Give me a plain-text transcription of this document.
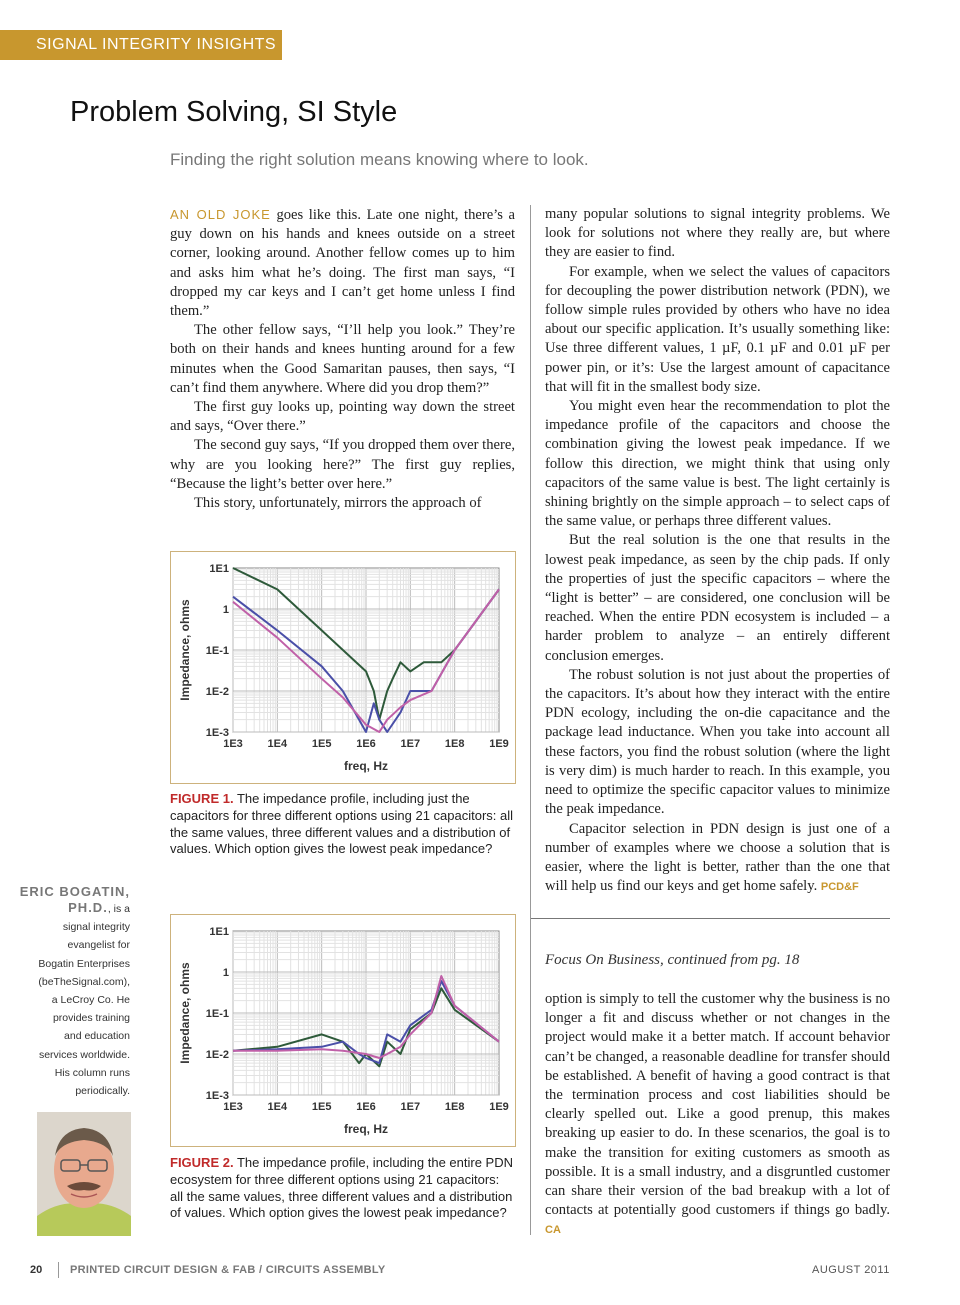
SIGNAL INTEGRITY INSIGHTS
Problem Solving, SI Style
Finding the right solution means knowing where to look.

AN OLD JOKE goes like this. Late one night, there’s a guy down on his hands and knees outside on a street corner, looking around. Another fellow comes up to him and asks him what he’s doing. The first man says, “I dropped my car keys and I can’t get home unless I find them.”

The other fellow says, “I’ll help you look.” They’re both on their hands and knees hunting around for a few minutes when the Good Samaritan pauses, then says, “I can’t find them anywhere. Where did you drop them?”

The first guy looks up, pointing way down the street and says, “Over there.”

The second guy says, “If you dropped them over there, why are you looking here?” The first guy replies, “Because the light’s better over here.”

This story, unfortunately, mirrors the approach of

many popular solutions to signal integrity problems. We look for solutions not where they really are, but where they are easier to find.

For example, when we select the values of capacitors for decoupling the power distribution network (PDN), we follow simple rules provided by others who have no idea about our specific application. It’s usually something like: Use three different values, 1 µF, 0.1 µF and 0.01 µF per power pin, or it’s: Use the largest amount of capacitance that will fit in the smallest body size.

You might even hear the recommendation to plot the impedance profile of the capacitors and choose the combination giving the lowest peak impedance. If we follow this direction, we might think that using only capacitors of the same value is best. The light certainly is shining brightly on the simple approach – to select caps of the same value, or perhaps three different values.

But the real solution is the one that results in the lowest peak impedance, as seen by the chip pads. If only the properties of just the specific capacitors – where the “light is better” – are considered, one conclusion will be reached. When the entire PDN ecosystem is included – a harder problem to analyze – an entirely different conclusion emerges.

The robust solution is not just about the properties of the capacitors. It’s about how they interact with the entire PDN ecology, including the on-die capacitance and the package lead inductance. When you take into account all these factors, you find the robust solution (where the light is very dim) is much harder to reach. In this example, you need to optimize the specific capacitor values to minimize the peak impedance.

Capacitor selection in PDN design is just one of a number of examples where we choose a solution that is easier, where the light is better, rather than the one that will help us find our keys and get home safely. PCD&F

1E3 1E4 1E5 1E6 1E7 1E8 1E9
1E1
1
1E-1
1E-2
1E-3
freq, Hz
Impedance, ohms
FIGURE 1. The impedance profile, including just the capacitors for three different options using 21 capacitors: all the same values, three different values and a distribution of values. Which option gives the lowest peak impedance?
1E3 1E4 1E5 1E6 1E7 1E8 1E9
1E1
1
1E-1
1E-2
1E-3
freq, Hz
Impedance, ohms
FIGURE 2. The impedance profile, including the entire PDN ecosystem for three different options using 21 capacitors: all the same values, three different values and a distribution of values. Which option gives the lowest peak impedance?
ERIC BOGATIN,
PH.D., is a
signal integrity
evangelist for
Bogatin Enterprises
(beTheSignal.com),
a LeCroy Co. He
provides training
and education
services worldwide.
His column runs
periodically.
Focus On Business, continued from pg. 18

option is simply to tell the customer why the business is no longer a fit and discuss whether or not changes in the project would make it a better match. If account behavior can’t be changed, a reasonable deadline for transfer should be established. A benefit of having a good contract is that the termination process and cost liabilities should be clearly spelled out. Like a good prenup, this makes breaking up easier to do. In these scenarios, the goal is to make the transition for exiting customers as smooth as possible. It is a small industry, and a disgruntled customer can share their version of the bad breakup with a lot of contacts at potentially good customers if things go badly. CA

20	PRINTED CIRCUIT DESIGN & FAB / CIRCUITS ASSEMBLY	AUGUST 2011
